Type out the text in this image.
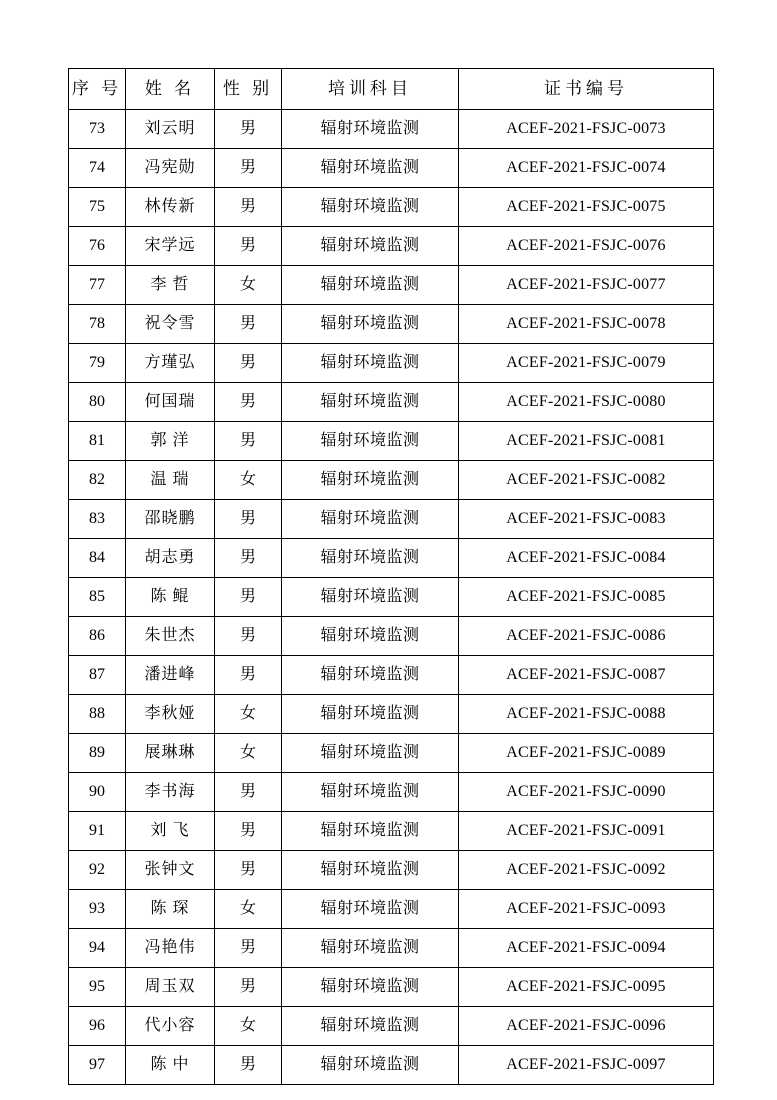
序 号	姓 名	性 别	培训科目	证书编号
73	刘云明	男	辐射环境监测	ACEF-2021-FSJC-0073
74	冯宪勋	男	辐射环境监测	ACEF-2021-FSJC-0074
75	林传新	男	辐射环境监测	ACEF-2021-FSJC-0075
76	宋学远	男	辐射环境监测	ACEF-2021-FSJC-0076
77	李 哲	女	辐射环境监测	ACEF-2021-FSJC-0077
78	祝令雪	男	辐射环境监测	ACEF-2021-FSJC-0078
79	方瑾弘	男	辐射环境监测	ACEF-2021-FSJC-0079
80	何国瑞	男	辐射环境监测	ACEF-2021-FSJC-0080
81	郭 洋	男	辐射环境监测	ACEF-2021-FSJC-0081
82	温 瑞	女	辐射环境监测	ACEF-2021-FSJC-0082
83	邵晓鹏	男	辐射环境监测	ACEF-2021-FSJC-0083
84	胡志勇	男	辐射环境监测	ACEF-2021-FSJC-0084
85	陈 鲲	男	辐射环境监测	ACEF-2021-FSJC-0085
86	朱世杰	男	辐射环境监测	ACEF-2021-FSJC-0086
87	潘进峰	男	辐射环境监测	ACEF-2021-FSJC-0087
88	李秋娅	女	辐射环境监测	ACEF-2021-FSJC-0088
89	展琳琳	女	辐射环境监测	ACEF-2021-FSJC-0089
90	李书海	男	辐射环境监测	ACEF-2021-FSJC-0090
91	刘 飞	男	辐射环境监测	ACEF-2021-FSJC-0091
92	张钟文	男	辐射环境监测	ACEF-2021-FSJC-0092
93	陈 琛	女	辐射环境监测	ACEF-2021-FSJC-0093
94	冯艳伟	男	辐射环境监测	ACEF-2021-FSJC-0094
95	周玉双	男	辐射环境监测	ACEF-2021-FSJC-0095
96	代小容	女	辐射环境监测	ACEF-2021-FSJC-0096
97	陈 中	男	辐射环境监测	ACEF-2021-FSJC-0097
